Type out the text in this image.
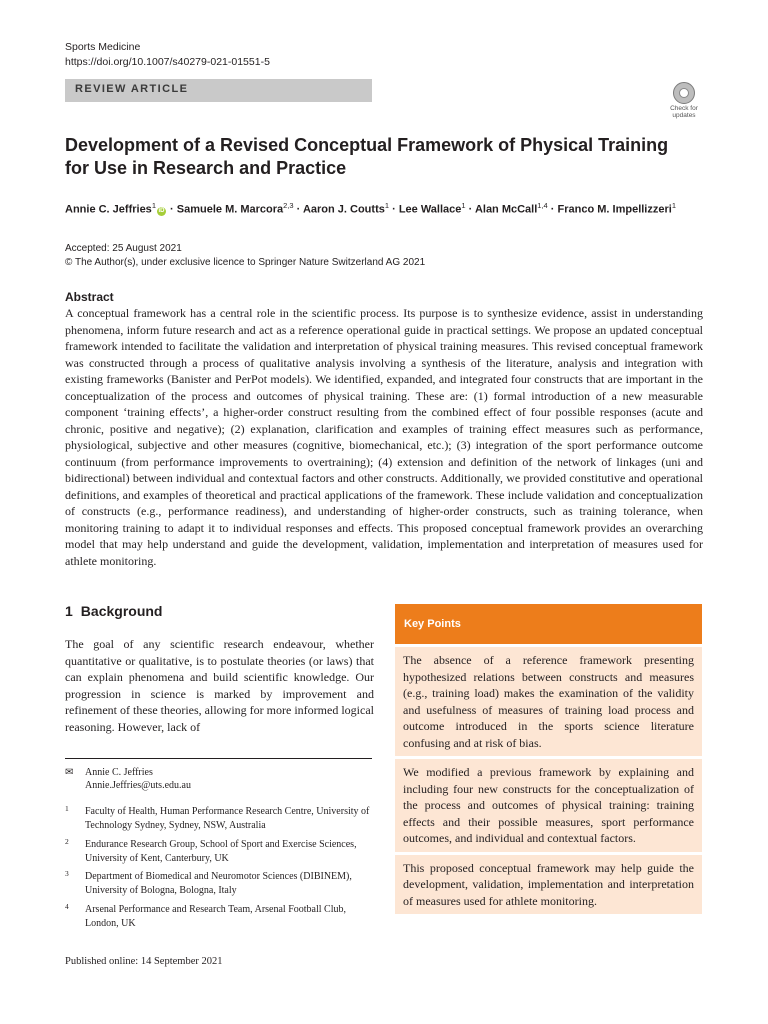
Sports Medicine
https://doi.org/10.1007/s40279-021-01551-5
REVIEW ARTICLE
Check for
updates
Development of a Revised Conceptual Framework of Physical Training for Use in Research and Practice
Annie C. Jeffries$^1$iD · Samuele M. Marcora$^{2,3}$ · Aaron J. Coutts$^1$ · Lee Wallace$^1$ · Alan McCall$^{1,4}$ · Franco M. Impellizzeri$^1$
Accepted: 25 August 2021
© The Author(s), under exclusive licence to Springer Nature Switzerland AG 2021
Abstract
A conceptual framework has a central role in the scientific process. Its purpose is to synthesize evidence, assist in understanding phenomena, inform future research and act as a reference operational guide in practical settings. We propose an updated conceptual framework intended to facilitate the validation and interpretation of physical training measures. This revised conceptual framework was constructed through a process of qualitative analysis involving a synthesis of the literature, analysis and integration with existing frameworks (Banister and PerPot models). We identified, expanded, and integrated four constructs that are important in the conceptualization of the process and outcomes of physical training. These are: (1) formal introduction of a new measurable component ‘training effects’, a higher-order construct resulting from the combined effect of four possible responses (acute and chronic, positive and negative); (2) explanation, clarification and examples of training effect measures such as performance, physiological, subjective and other measures (cognitive, biomechanical, etc.); (3) integration of the sport performance outcome continuum (from performance improvements to overtraining); (4) extension and definition of the network of linkages (uni and bidirectional) between individual and contextual factors and other constructs. Additionally, we provided constitutive and operational definitions, and examples of theoretical and practical applications of the framework. These include validation and conceptualization of constructs (e.g., performance readiness), and understanding of higher-order constructs, such as training tolerance, when monitoring training to adapt it to individual responses and effects. This proposed conceptual framework provides an overarching model that may help understand and guide the development, validation, implementation and interpretation of measures used for athlete monitoring.
1 Background
The goal of any scientific research endeavour, whether quantitative or qualitative, is to postulate theories (or laws) that can explain phenomena and build scientific knowledge. Our progression in science is marked by improvement and refinement of these theories, allowing for more informed logical reasoning. However, lack of
✉	Annie C. Jeffries
Annie.Jeffries@uts.edu.au
1 Faculty of Health, Human Performance Research Centre, University of Technology Sydney, Sydney, NSW, Australia
2 Endurance Research Group, School of Sport and Exercise Sciences, University of Kent, Canterbury, UK
3 Department of Biomedical and Neuromotor Sciences (DIBINEM), University of Bologna, Bologna, Italy
4 Arsenal Performance and Research Team, Arsenal Football Club, London, UK
Published online: 14 September 2021
Key Points
The absence of a reference framework presenting hypothesized relations between constructs and measures (e.g., training load) makes the examination of the validity and usefulness of measures of training load process and outcome introduced in the sports science literature confusing and at risk of bias.
We modified a previous framework by explaining and including four new constructs for the conceptualization of the process and outcomes of physical training: training effects and their possible measures, sport performance outcomes, and individual and contextual factors.
This proposed conceptual framework may help guide the development, validation, implementation and interpretation of measures used for athlete monitoring.
